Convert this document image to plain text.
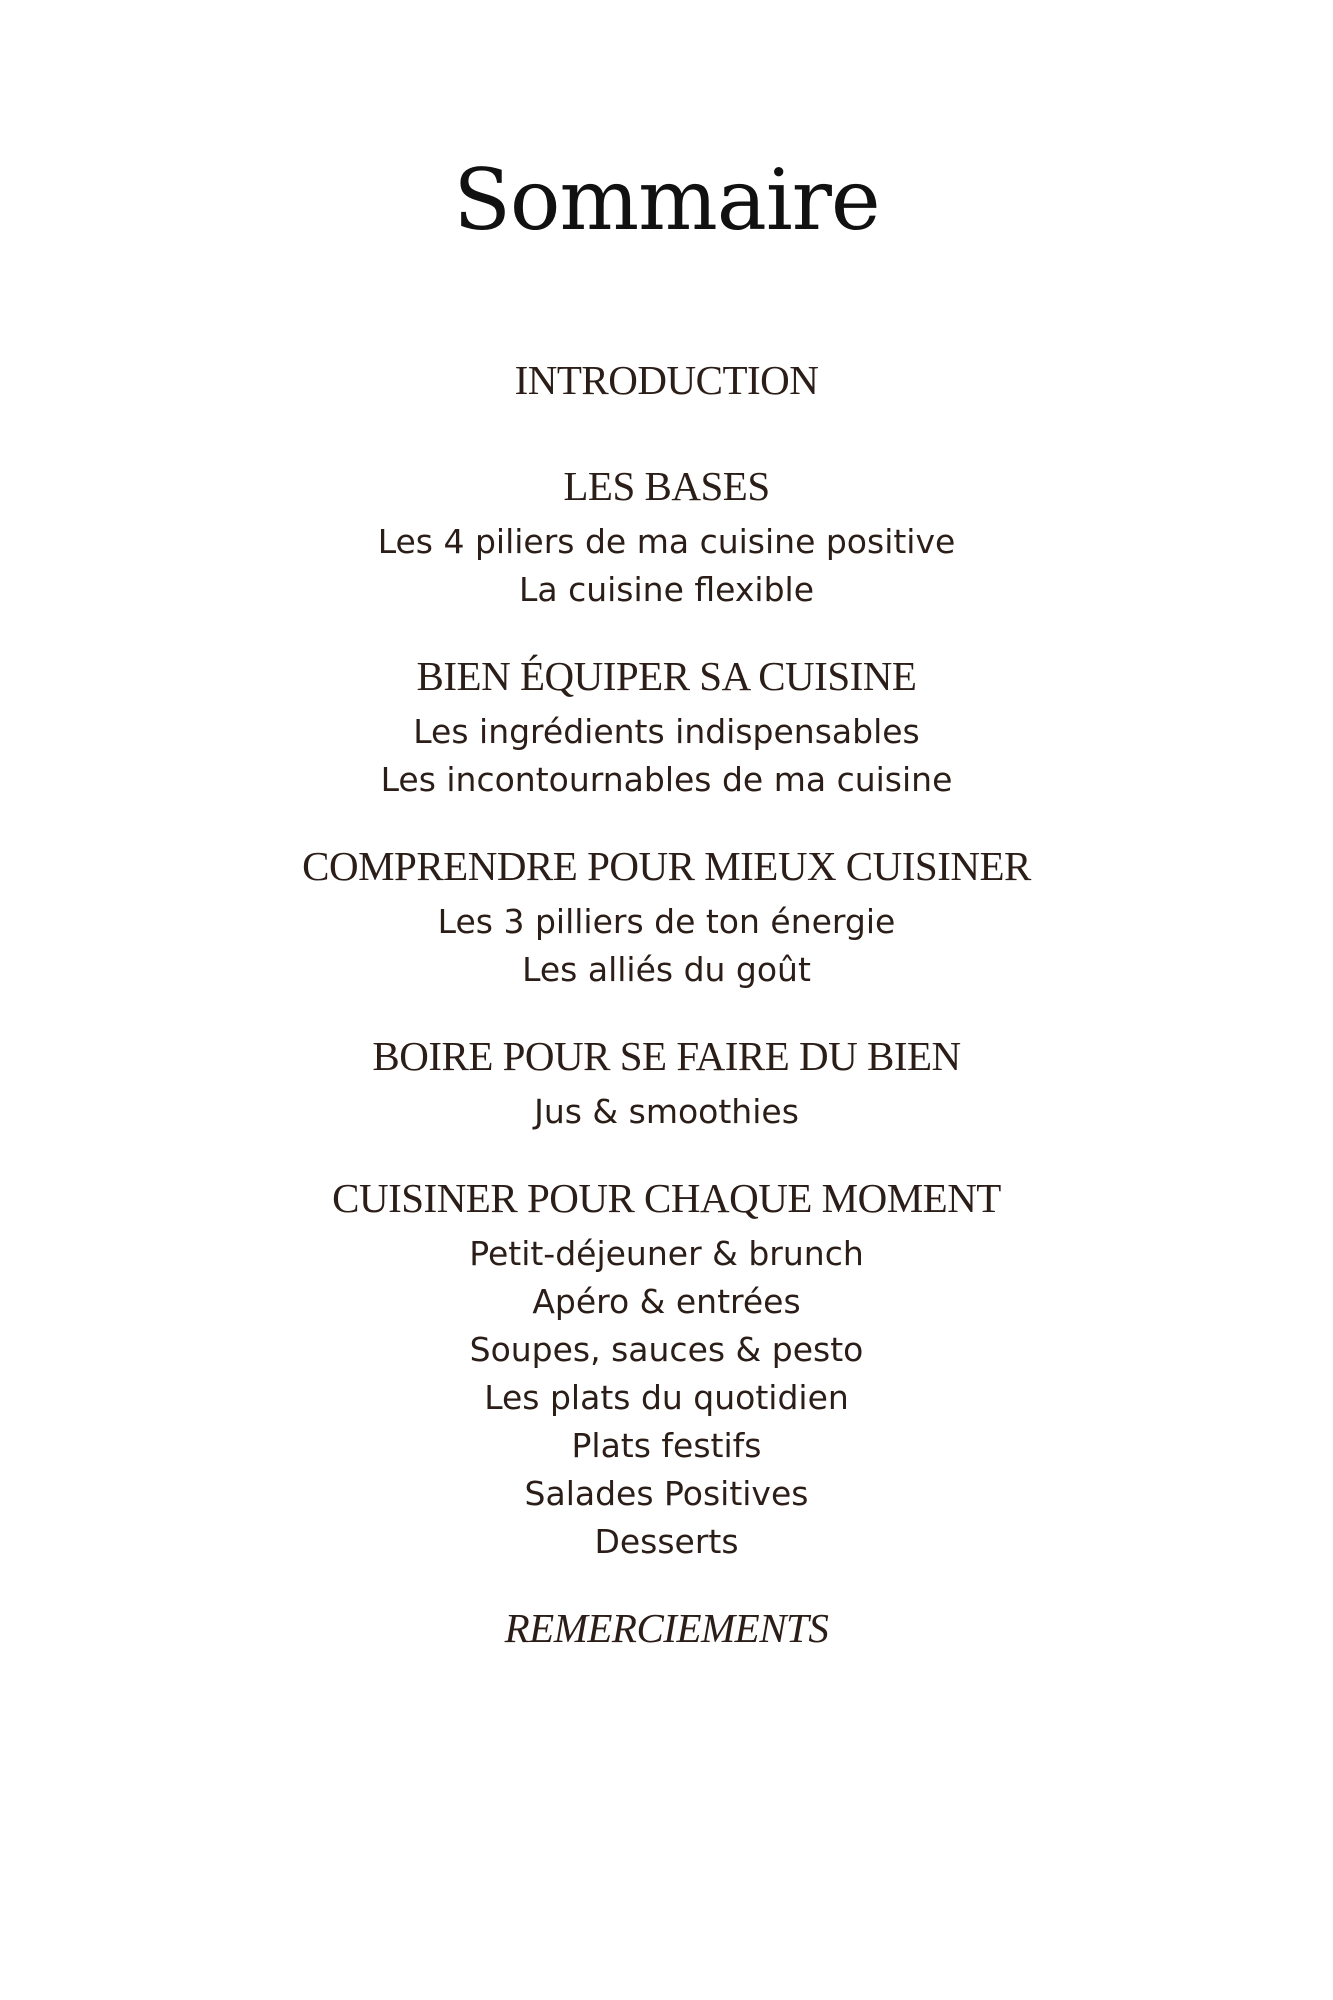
Sommaire
INTRODUCTION
LES BASES
Les 4 piliers de ma cuisine positive
La cuisine flexible
BIEN ÉQUIPER SA CUISINE
Les ingrédients indispensables
Les incontournables de ma cuisine
COMPRENDRE POUR MIEUX CUISINER
Les 3 pilliers de ton énergie
Les alliés du goût
BOIRE POUR SE FAIRE DU BIEN
Jus & smoothies
CUISINER POUR CHAQUE MOMENT
Petit-déjeuner & brunch
Apéro & entrées
Soupes, sauces & pesto
Les plats du quotidien
Plats festifs
Salades Positives
Desserts
REMERCIEMENTS
